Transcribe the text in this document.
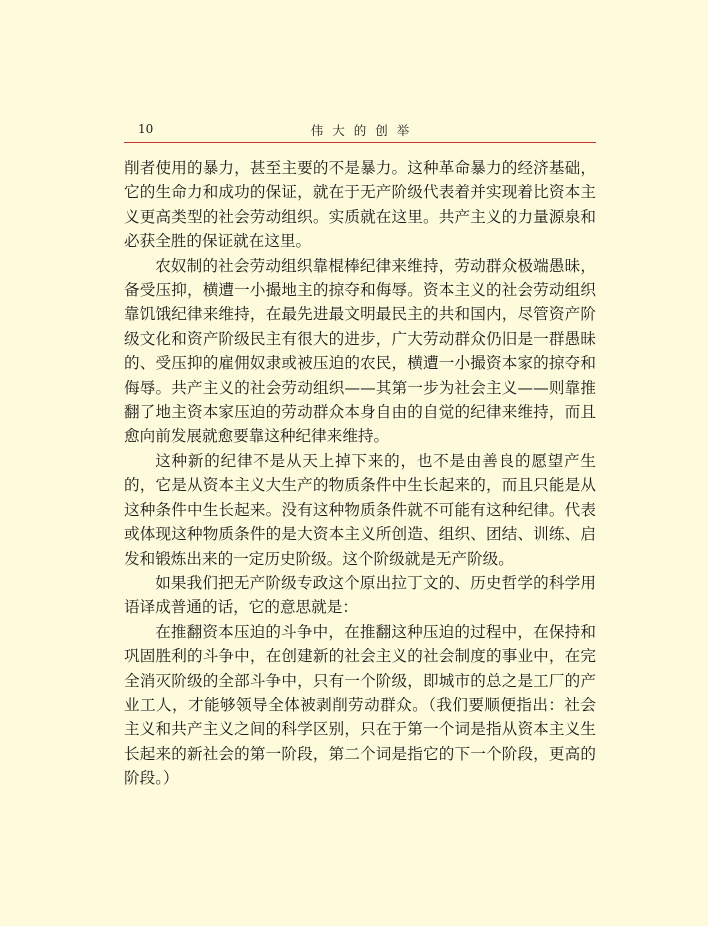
10	伟大的创举

削者使用的暴力，甚至主要的不是暴力。这种革命暴力的经济基础，它的生命力和成功的保证，就在于无产阶级代表着并实现着比资本主义更高类型的社会劳动组织。实质就在这里。共产主义的力量源泉和必获全胜的保证就在这里。

农奴制的社会劳动组织靠棍棒纪律来维持，劳动群众极端愚昧，备受压抑，横遭一小撮地主的掠夺和侮辱。资本主义的社会劳动组织靠饥饿纪律来维持，在最先进最文明最民主的共和国内，尽管资产阶级文化和资产阶级民主有很大的进步，广大劳动群众仍旧是一群愚昧的、受压抑的雇佣奴隶或被压迫的农民，横遭一小撮资本家的掠夺和侮辱。共产主义的社会劳动组织——其第一步为社会主义——则靠推翻了地主资本家压迫的劳动群众本身自由的自觉的纪律来维持，而且愈向前发展就愈要靠这种纪律来维持。

这种新的纪律不是从天上掉下来的，也不是由善良的愿望产生的，它是从资本主义大生产的物质条件中生长起来的，而且只能是从这种条件中生长起来。没有这种物质条件就不可能有这种纪律。代表或体现这种物质条件的是大资本主义所创造、组织、团结、训练、启发和锻炼出来的一定历史阶级。这个阶级就是无产阶级。

如果我们把无产阶级专政这个原出拉丁文的、历史哲学的科学用语译成普通的话，它的意思就是：

在推翻资本压迫的斗争中，在推翻这种压迫的过程中，在保持和巩固胜利的斗争中，在创建新的社会主义的社会制度的事业中，在完全消灭阶级的全部斗争中，只有一个阶级，即城市的总之是工厂的产业工人，才能够领导全体被剥削劳动群众。（我们要顺便指出：社会主义和共产主义之间的科学区别，只在于第一个词是指从资本主义生长起来的新社会的第一阶段，第二个词是指它的下一个阶段，更高的阶段。）
